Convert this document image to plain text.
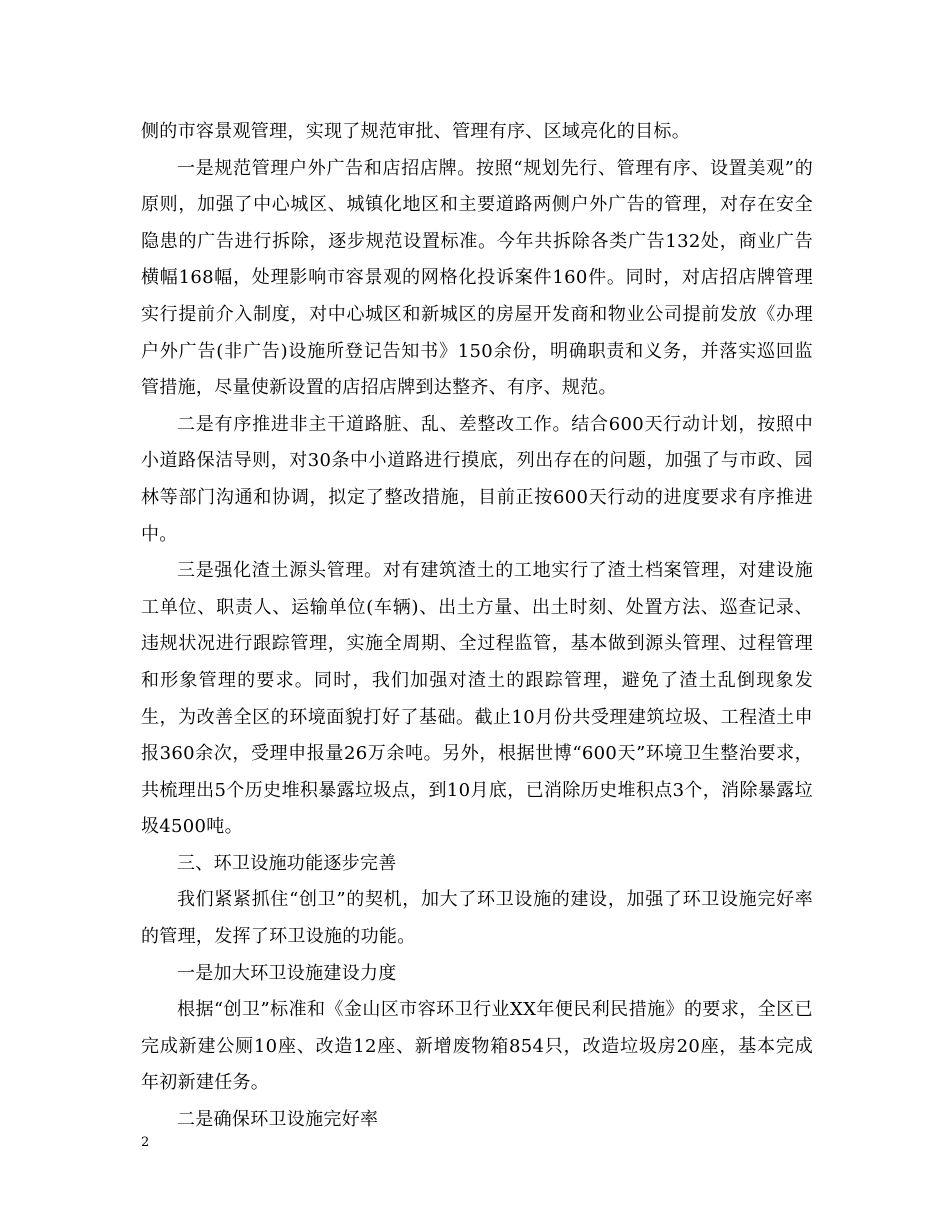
侧的市容景观管理，实现了规范审批、管理有序、区域亮化的目标。

一是规范管理户外广告和店招店牌。按照“规划先行、管理有序、设置美观”的原则，加强了中心城区、城镇化地区和主要道路两侧户外广告的管理，对存在安全隐患的广告进行拆除，逐步规范设置标准。今年共拆除各类广告132处，商业广告横幅168幅，处理影响市容景观的网格化投诉案件160件。同时，对店招店牌管理实行提前介入制度，对中心城区和新城区的房屋开发商和物业公司提前发放《办理户外广告(非广告)设施所登记告知书》150余份，明确职责和义务，并落实巡回监管措施，尽量使新设置的店招店牌到达整齐、有序、规范。

二是有序推进非主干道路脏、乱、差整改工作。结合600天行动计划，按照中小道路保洁导则，对30条中小道路进行摸底，列出存在的问题，加强了与市政、园林等部门沟通和协调，拟定了整改措施，目前正按600天行动的进度要求有序推进中。

三是强化渣土源头管理。对有建筑渣土的工地实行了渣土档案管理，对建设施工单位、职责人、运输单位(车辆)、出土方量、出土时刻、处置方法、巡查记录、违规状况进行跟踪管理，实施全周期、全过程监管，基本做到源头管理、过程管理和形象管理的要求。同时，我们加强对渣土的跟踪管理，避免了渣土乱倒现象发生，为改善全区的环境面貌打好了基础。截止10月份共受理建筑垃圾、工程渣土申报360余次，受理申报量26万余吨。另外，根据世博“600天”环境卫生整治要求，共梳理出5个历史堆积暴露垃圾点，到10月底，已消除历史堆积点3个，消除暴露垃圾4500吨。

三、环卫设施功能逐步完善

我们紧紧抓住“创卫”的契机，加大了环卫设施的建设，加强了环卫设施完好率的管理，发挥了环卫设施的功能。

一是加大环卫设施建设力度

根据“创卫”标准和《金山区市容环卫行业XX年便民利民措施》的要求，全区已完成新建公厕10座、改造12座、新增废物箱854只，改造垃圾房20座，基本完成年初新建任务。

二是确保环卫设施完好率

2
